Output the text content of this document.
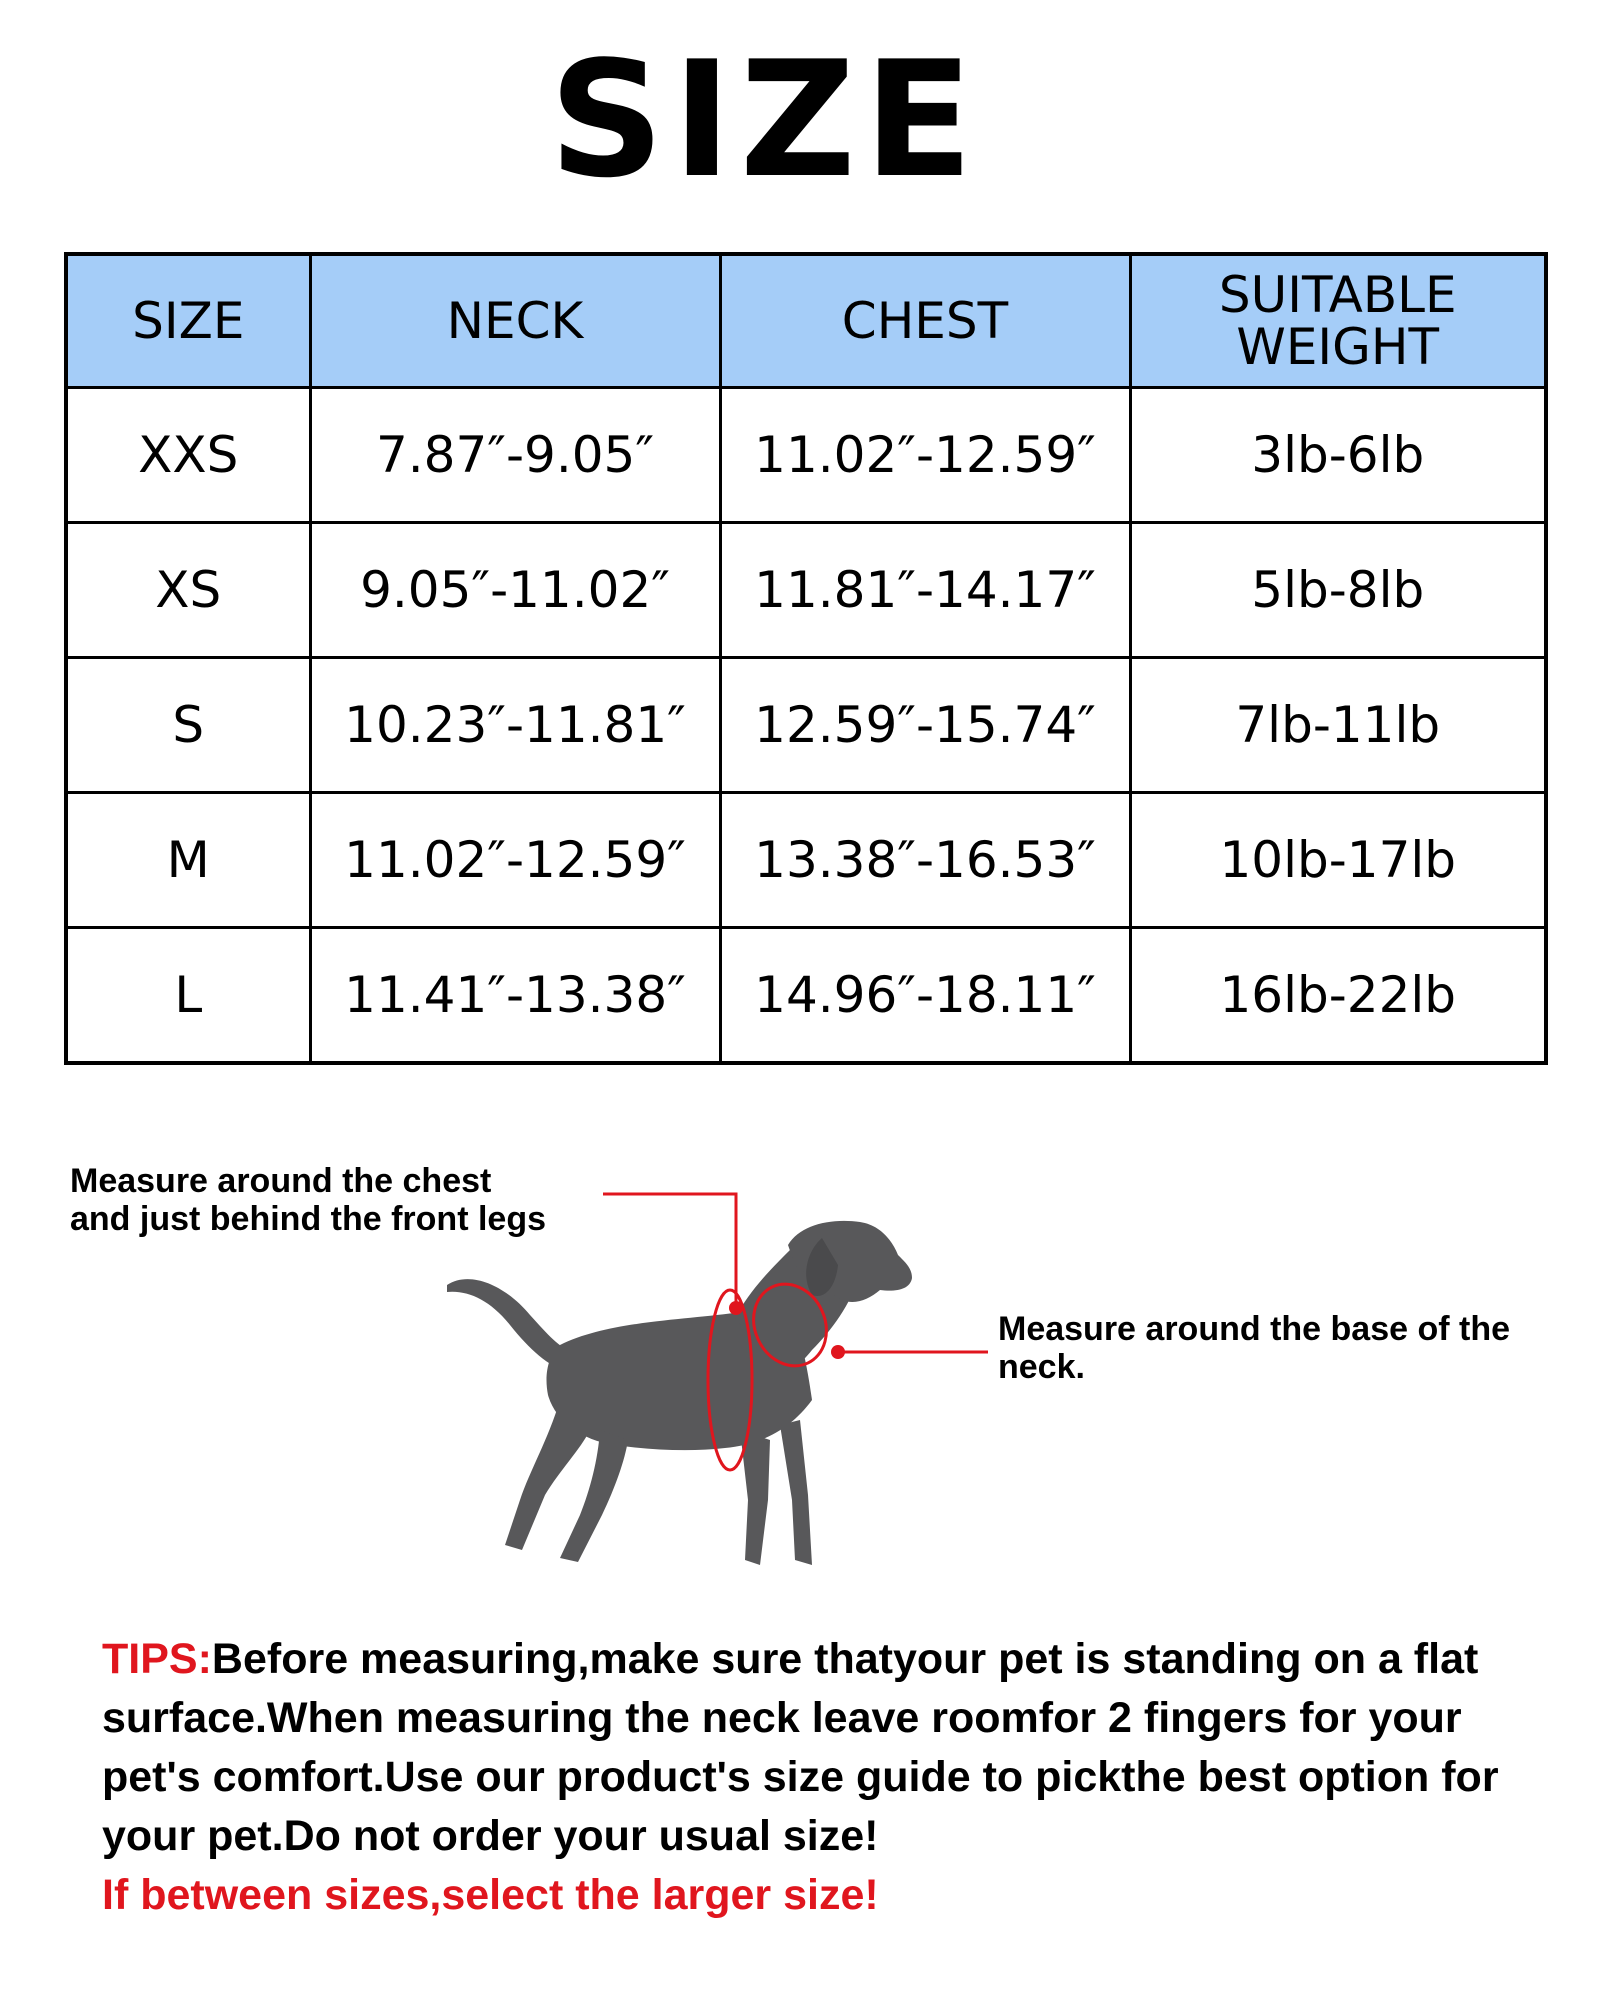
SIZE
SIZE	NECK	CHEST	SUITABLE WEIGHT
XXS	7.87″-9.05″	11.02″-12.59″	3lb-6lb
XS	9.05″-11.02″	11.81″-14.17″	5lb-8lb
S	10.23″-11.81″	12.59″-15.74″	7lb-11lb
M	11.02″-12.59″	13.38″-16.53″	10lb-17lb
L	11.41″-13.38″	14.96″-18.11″	16lb-22lb
Measure around the chest
and just behind the front legs
Measure around the base of the
neck.
TIPS:Before measuring,make sure thatyour pet is standing on a flat surface.When measuring the neck leave roomfor 2 fingers for your pet's comfort.Use our product's size guide to pickthe best option for your pet.Do not order your usual size!
If between sizes,select the larger size!
